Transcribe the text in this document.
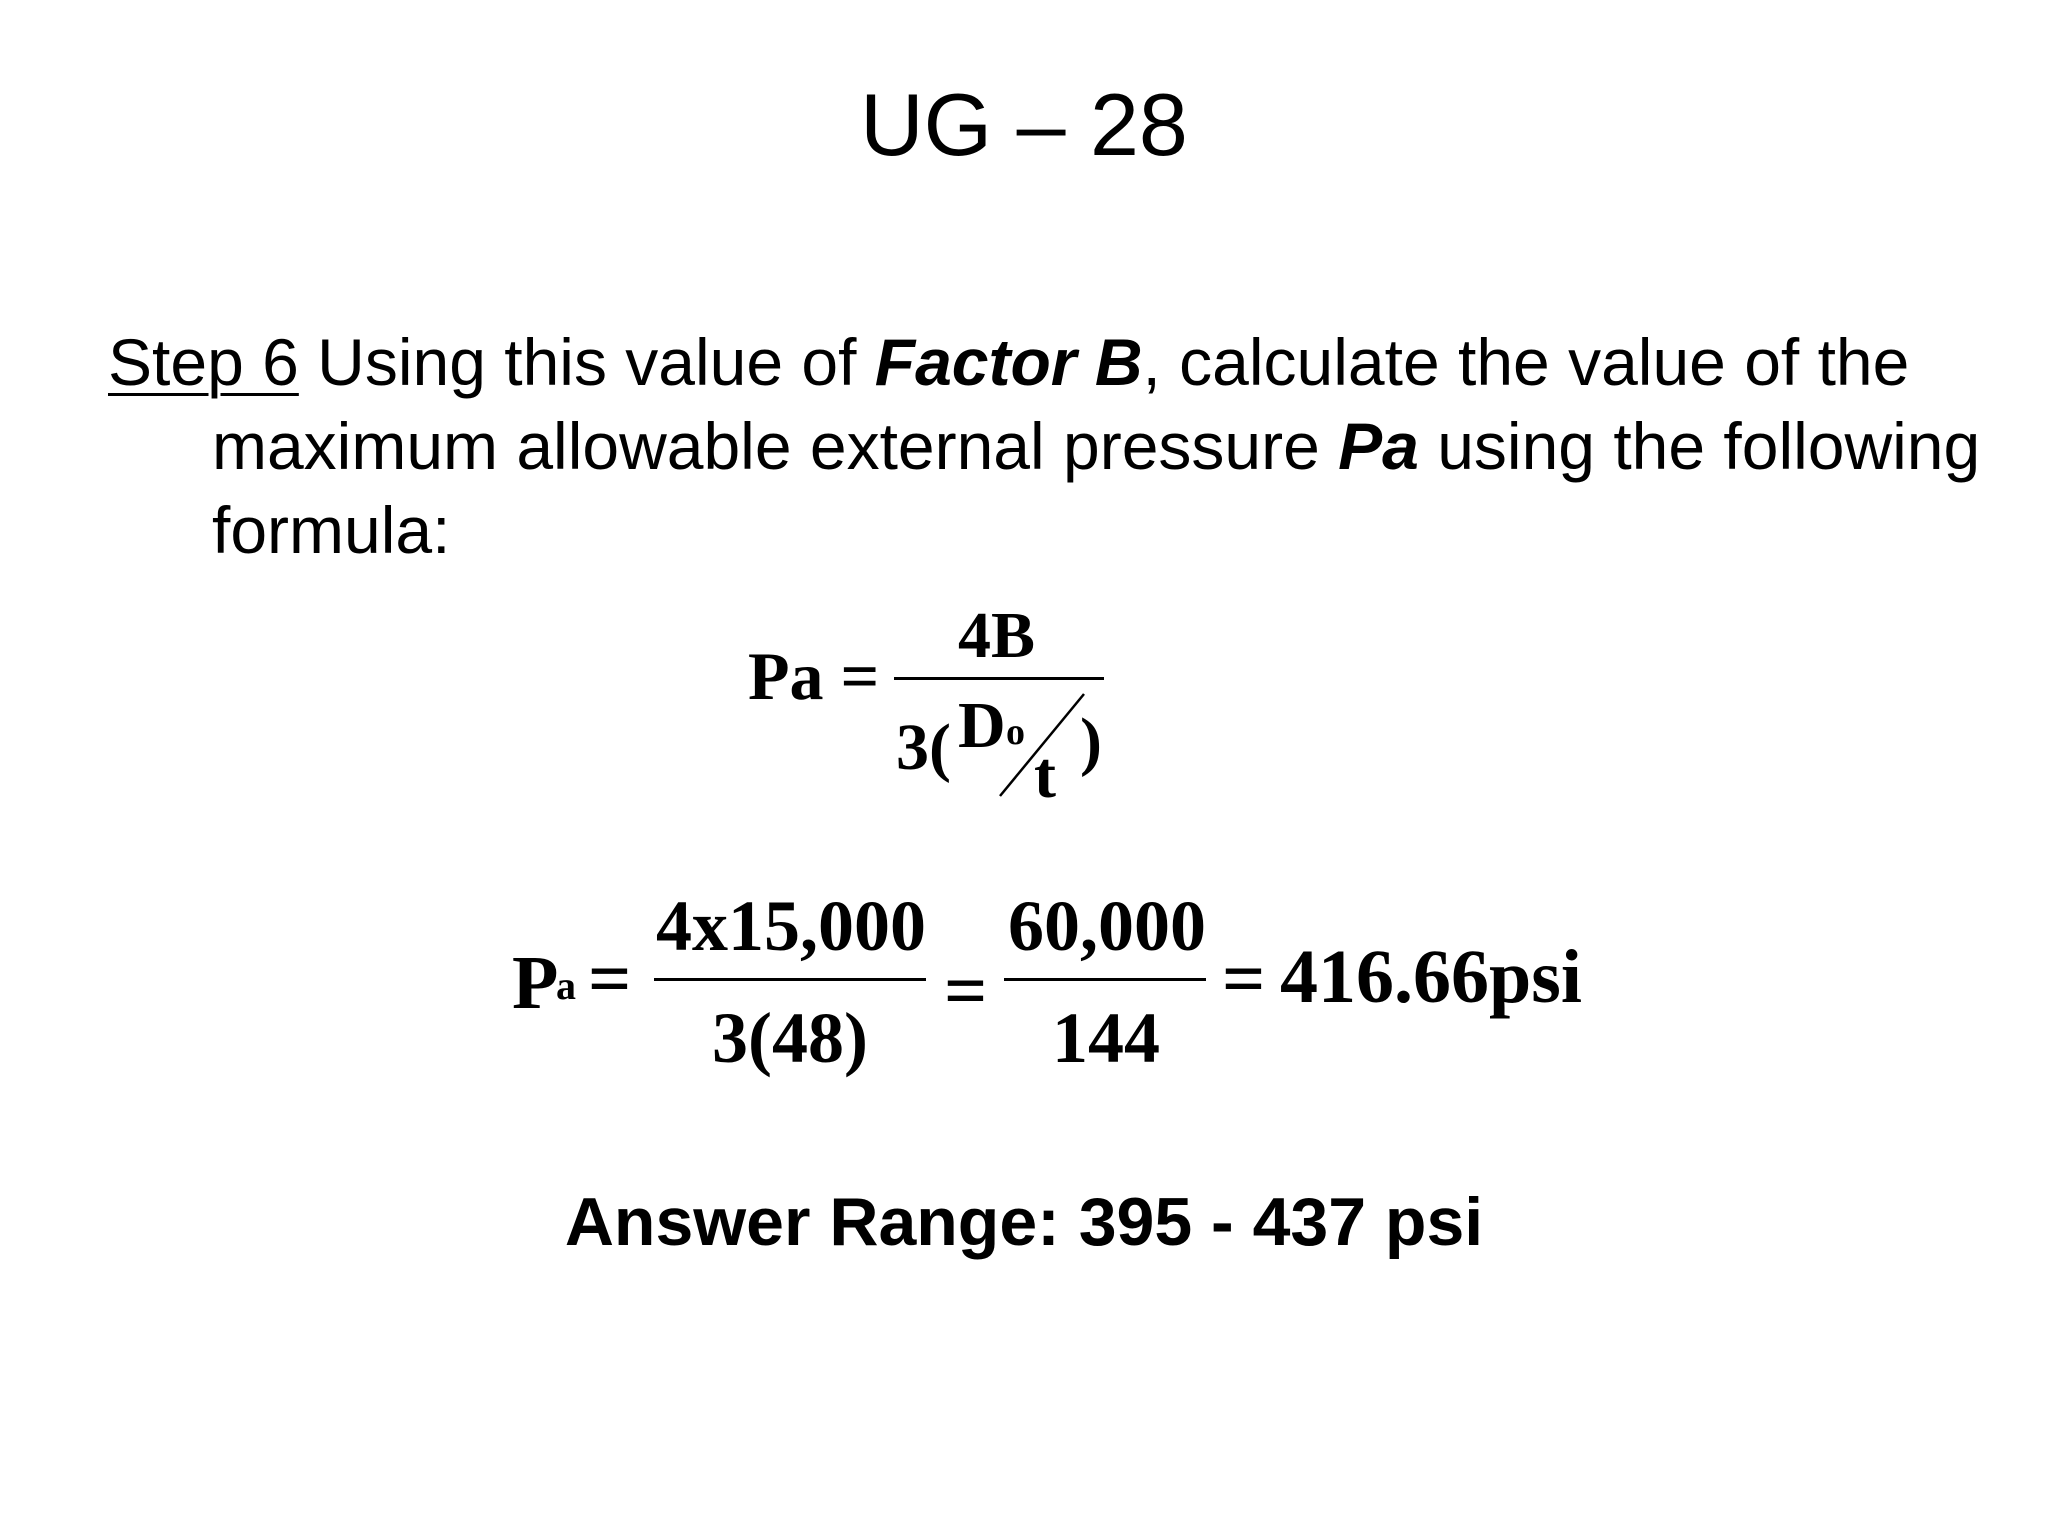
UG – 28
Step 6 Using this value of Factor B, calculate the value of the maximum allowable external pressure Pa using the following formula:
Pa =
4B
3( D o
t )
P
a =
4x15,000
3(48)
=
60,000
144
= 416.66psi
Answer Range: 395 - 437 psi
